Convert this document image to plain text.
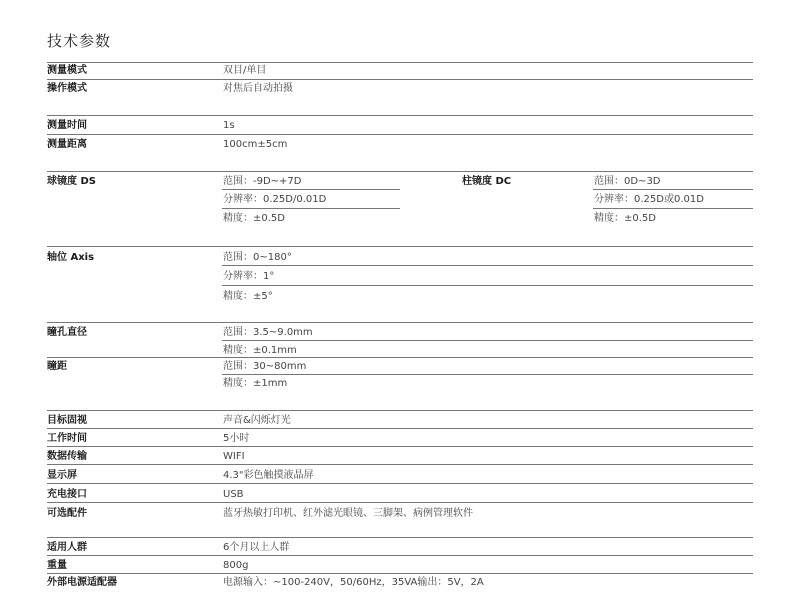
技术参数
测量模式	双目/单目
操作模式	对焦后自动拍摄
测量时间	1s
测量距离	100cm±5cm
球镜度 DS	范围：-9D~+7D
分辨率：0.25D/0.01D
精度：±0.5D
柱镜度 DC	范围：0D~3D
分辨率：0.25D或0.01D
精度：±0.5D
轴位 Axis	范围：0~180°
分辨率：1°
精度：±5°
瞳孔直径	范围：3.5~9.0mm
精度：±0.1mm
瞳距	范围：30~80mm
精度：±1mm
目标固视	声音&闪烁灯光
工作时间	5小时
数据传输	WIFI
显示屏	4.3"彩色触摸液晶屏
充电接口	USB
可选配件	蓝牙热敏打印机、红外滤光眼镜、三脚架、病例管理软件
适用人群	6个月以上人群
重量	800g
外部电源适配器	电源输入：~100-240V，50/60Hz，35VA输出：5V，2A
